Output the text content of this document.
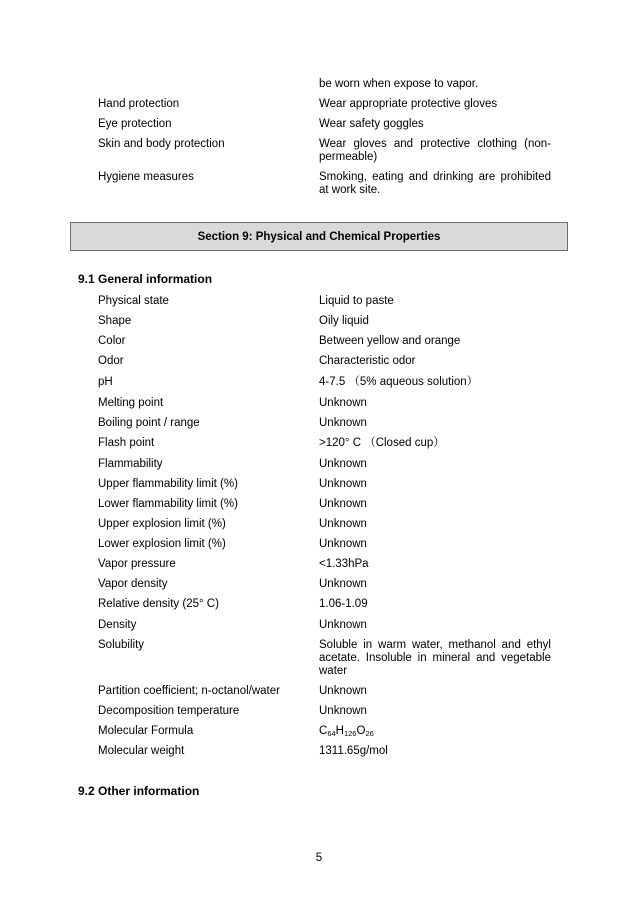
be worn when expose to vapor.
Hand protection	Wear appropriate protective gloves
Eye protection	Wear safety goggles
Skin and body protection	Wear gloves and protective clothing (non-permeable)
Hygiene measures	Smoking, eating and drinking are prohibited at work site.
Section 9: Physical and Chemical Properties
9.1 General information
Physical state	Liquid to paste
Shape	Oily liquid
Color	Between yellow and orange
Odor	Characteristic odor
pH	4-7.5 （5% aqueous solution）
Melting point	Unknown
Boiling point / range	Unknown
Flash point	>120° C （Closed cup）
Flammability	Unknown
Upper flammability limit (%)	Unknown
Lower flammability limit (%)	Unknown
Upper explosion limit (%)	Unknown
Lower explosion limit (%)	Unknown
Vapor pressure	<1.33hPa
Vapor density	Unknown
Relative density (25° C)	1.06-1.09
Density	Unknown
Solubility	Soluble in warm water, methanol and ethyl acetate. Insoluble in mineral and vegetable water
Partition coefficient; n-octanol/water	Unknown
Decomposition temperature	Unknown
Molecular Formula	$C_{64}H_{126}O_{26}$
Molecular weight	1311.65g/mol
9.2 Other information
5
